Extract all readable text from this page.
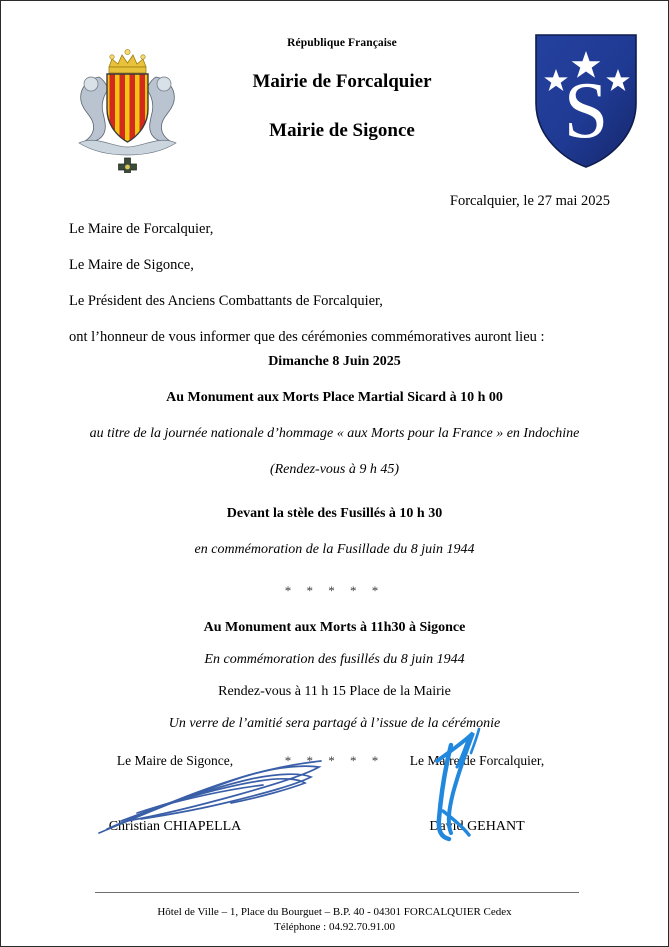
République Française
Mairie de Forcalquier
Mairie de Sigonce	S
Forcalquier, le 27 mai 2025
Le Maire de Forcalquier,
Le Maire de Sigonce,
Le Président des Anciens Combattants de Forcalquier,
ont l’honneur de vous informer que des cérémonies commémoratives auront lieu :
Dimanche 8 Juin 2025
Au Monument aux Morts Place Martial Sicard à 10 h 00
au titre de la journée nationale d’hommage « aux Morts pour la France » en Indochine
(Rendez-vous à 9 h 45)
Devant la stèle des Fusillés à 10 h 30
en commémoration de la Fusillade du 8 juin 1944
* * * * *
Au Monument aux Morts à 11h30 à Sigonce
En commémoration des fusillés du 8 juin 1944
Rendez-vous à 11 h 15 Place de la Mairie
Un verre de l’amitié sera partagé à l’issue de la cérémonie
* * * * *
Le Maire de Sigonce,
Christian CHIAPELLA
Le Maire de Forcalquier,
David GEHANT
Hôtel de Ville – 1, Place du Bourguet – B.P. 40 - 04301 FORCALQUIER Cedex
Téléphone : 04.92.70.91.00
